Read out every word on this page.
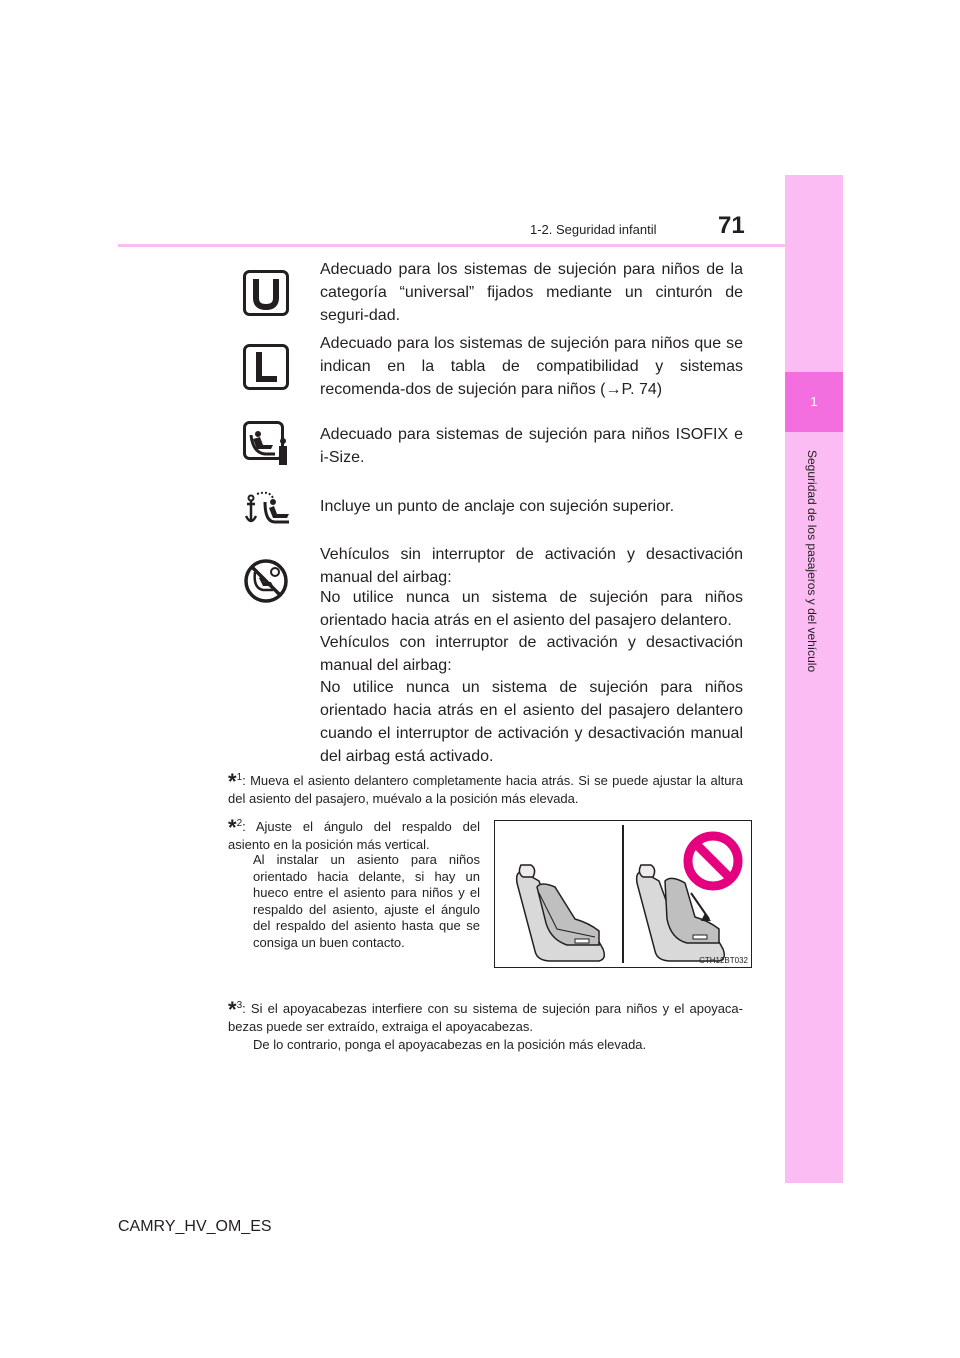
1
Seguridad de los pasajeros y del vehículo
1-2. Seguridad infantil	71
Adecuado para los sistemas de sujeción para niños de la categoría “universal” fijados mediante un cinturón de seguri-dad.
Adecuado para los sistemas de sujeción para niños que se indican en la tabla de compatibilidad y sistemas recomenda-dos de sujeción para niños (→P. 74)
Adecuado para sistemas de sujeción para niños ISOFIX e i-Size.
Incluye un punto de anclaje con sujeción superior.
Vehículos sin interruptor de activación y desactivación manual del airbag:
No utilice nunca un sistema de sujeción para niños orientado hacia atrás en el asiento del pasajero delantero.
Vehículos con interruptor de activación y desactivación manual del airbag:
No utilice nunca un sistema de sujeción para niños orientado hacia atrás en el asiento del pasajero delantero cuando el interruptor de activación y desactivación manual del airbag está activado.
*$^1$: Mueva el asiento delantero completamente hacia atrás. Si se puede ajustar la altura del asiento del pasajero, muévalo a la posición más elevada.
*$^2$: Ajuste el ángulo del respaldo del asiento en la posición más vertical.
Al instalar un asiento para niños orientado hacia delante, si hay un hueco entre el asiento para niños y el respaldo del asiento, ajuste el ángulo del respaldo del asiento hasta que se consiga un buen contacto.
CTH12BT032
*$^3$: Si el apoyacabezas interfiere con su sistema de sujeción para niños y el apoyaca-bezas puede ser extraído, extraiga el apoyacabezas.
De lo contrario, ponga el apoyacabezas en la posición más elevada.
CAMRY_HV_OM_ES
